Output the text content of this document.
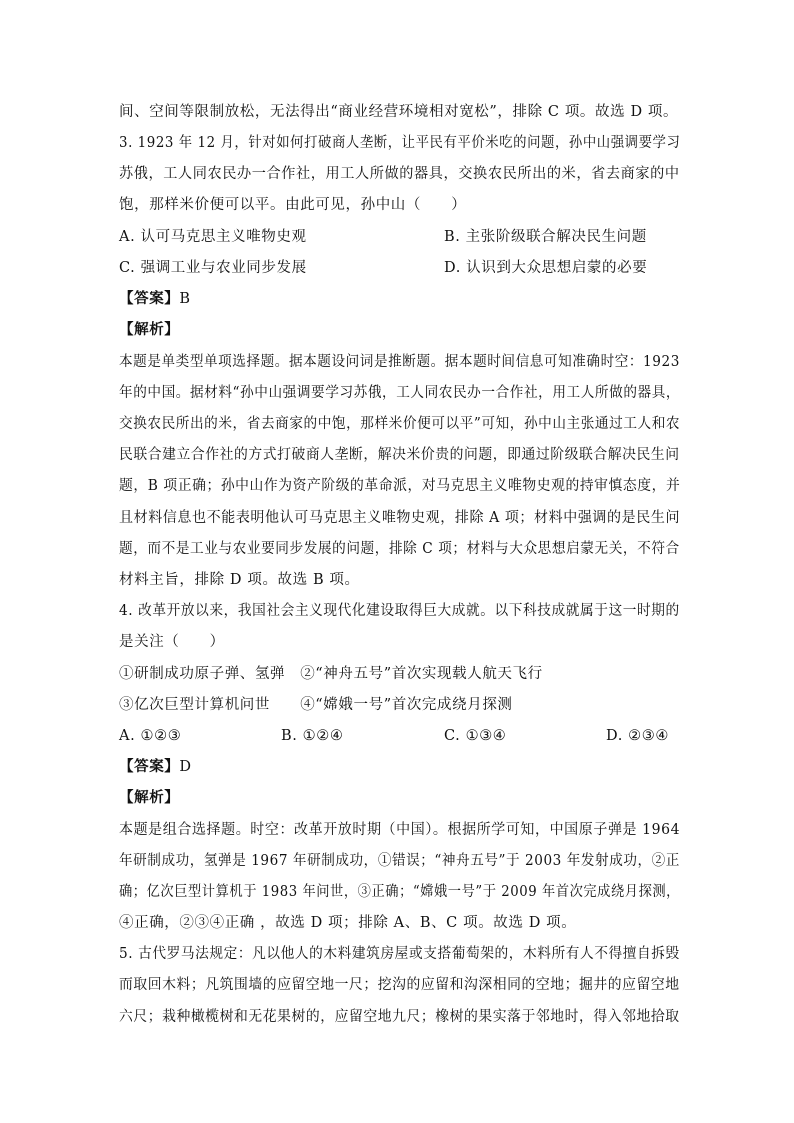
间、空间等限制放松，无法得出“商业经营环境相对宽松”，排除 C 项。故选 D 项。
3. 1923 年 12 月，针对如何打破商人垄断，让平民有平价米吃的问题，孙中山强调要学习
苏俄，工人同农民办一合作社，用工人所做的器具，交换农民所出的米，省去商家的中
饱，那样米价便可以平。由此可见，孙中山（　　）
A. 认可马克思主义唯物史观	B. 主张阶级联合解决民生问题
C. 强调工业与农业同步发展	D. 认识到大众思想启蒙的必要
【答案】B
【解析】
本题是单类型单项选择题。据本题设问词是推断题。据本题时间信息可知准确时空：1923
年的中国。据材料“孙中山强调要学习苏俄，工人同农民办一合作社，用工人所做的器具，
交换农民所出的米，省去商家的中饱，那样米价便可以平”可知，孙中山主张通过工人和农
民联合建立合作社的方式打破商人垄断，解决米价贵的问题，即通过阶级联合解决民生问
题，B 项正确；孙中山作为资产阶级的革命派，对马克思主义唯物史观的持审慎态度，并
且材料信息也不能表明他认可马克思主义唯物史观，排除 A 项；材料中强调的是民生问
题，而不是工业与农业要同步发展的问题，排除 C 项；材料与大众思想启蒙无关，不符合
材料主旨，排除 D 项。故选 B 项。
4. 改革开放以来，我国社会主义现代化建设取得巨大成就。以下科技成就属于这一时期的
是关注（　　）
①研制成功原子弹、氢弹　②“神舟五号”首次实现载人航天飞行
③亿次巨型计算机问世　　④“嫦娥一号”首次完成绕月探测
A. ①②③	B. ①②④	C. ①③④	D. ②③④
【答案】D
【解析】
本题是组合选择题。时空：改革开放时期（中国）。根据所学可知，中国原子弹是 1964
年研制成功，氢弹是 1967 年研制成功，①错误；“神舟五号”于 2003 年发射成功，②正
确；亿次巨型计算机于 1983 年问世，③正确；“嫦娥一号”于 2009 年首次完成绕月探测，
④正确，②③④正确 ，故选 D 项；排除 A、B、C 项。故选 D 项。
5. 古代罗马法规定：凡以他人的木料建筑房屋或支搭葡萄架的，木料所有人不得擅自拆毁
而取回木料；凡筑围墙的应留空地一尺；挖沟的应留和沟深相同的空地；掘井的应留空地
六尺；栽种橄榄树和无花果树的，应留空地九尺；橡树的果实落于邻地时，得入邻地拾取
